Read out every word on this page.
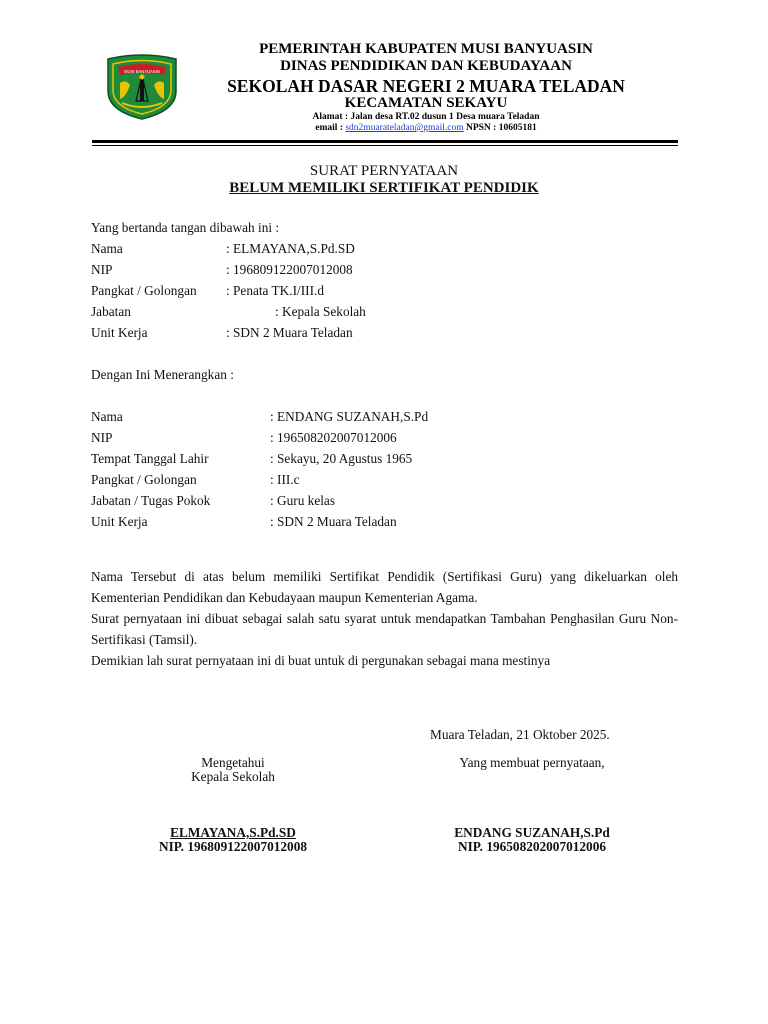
MUSI BANYUASIN
PEMERINTAH KABUPATEN MUSI BANYUASIN
DINAS PENDIDIKAN DAN KEBUDAYAAN
SEKOLAH DASAR NEGERI 2 MUARA TELADAN
KECAMATAN SEKAYU
Alamat : Jalan desa RT.02 dusun 1 Desa muara Teladan
email : sdn2muarateladan@gmail.com NPSN : 10605181
SURAT PERNYATAAN
BELUM MEMILIKI SERTIFIKAT PENDIDIK
Yang bertanda tangan dibawah ini :
Nama	: ELMAYANA,S.Pd.SD
NIP	: 196809122007012008
Pangkat / Golongan : Penata TK.I/III.d
Jabatan	: Kepala Sekolah
Unit Kerja	: SDN 2 Muara Teladan
Dengan Ini Menerangkan :
Nama	: ENDANG SUZANAH,S.Pd
NIP	: 196508202007012006
Tempat Tanggal Lahir	: Sekayu, 20 Agustus 1965
Pangkat / Golongan	: III.c
Jabatan / Tugas Pokok	: Guru kelas
Unit Kerja	: SDN 2 Muara Teladan
Nama Tersebut di atas belum memiliki Sertifikat Pendidik (Sertifikasi Guru) yang dikeluarkan oleh Kementerian Pendidikan dan Kebudayaan maupun Kementerian Agama.
Surat pernyataan ini dibuat sebagai salah satu syarat untuk mendapatkan Tambahan Penghasilan Guru Non-Sertifikasi (Tamsil).
Demikian lah surat pernyataan ini di buat untuk di pergunakan sebagai mana mestinya
Muara Teladan, 21 Oktober 2025.
Mengetahui
Kepala Sekolah
Yang membuat pernyataan,
ELMAYANA,S.Pd.SD
NIP. 196809122007012008
ENDANG SUZANAH,S.Pd
NIP. 196508202007012006
